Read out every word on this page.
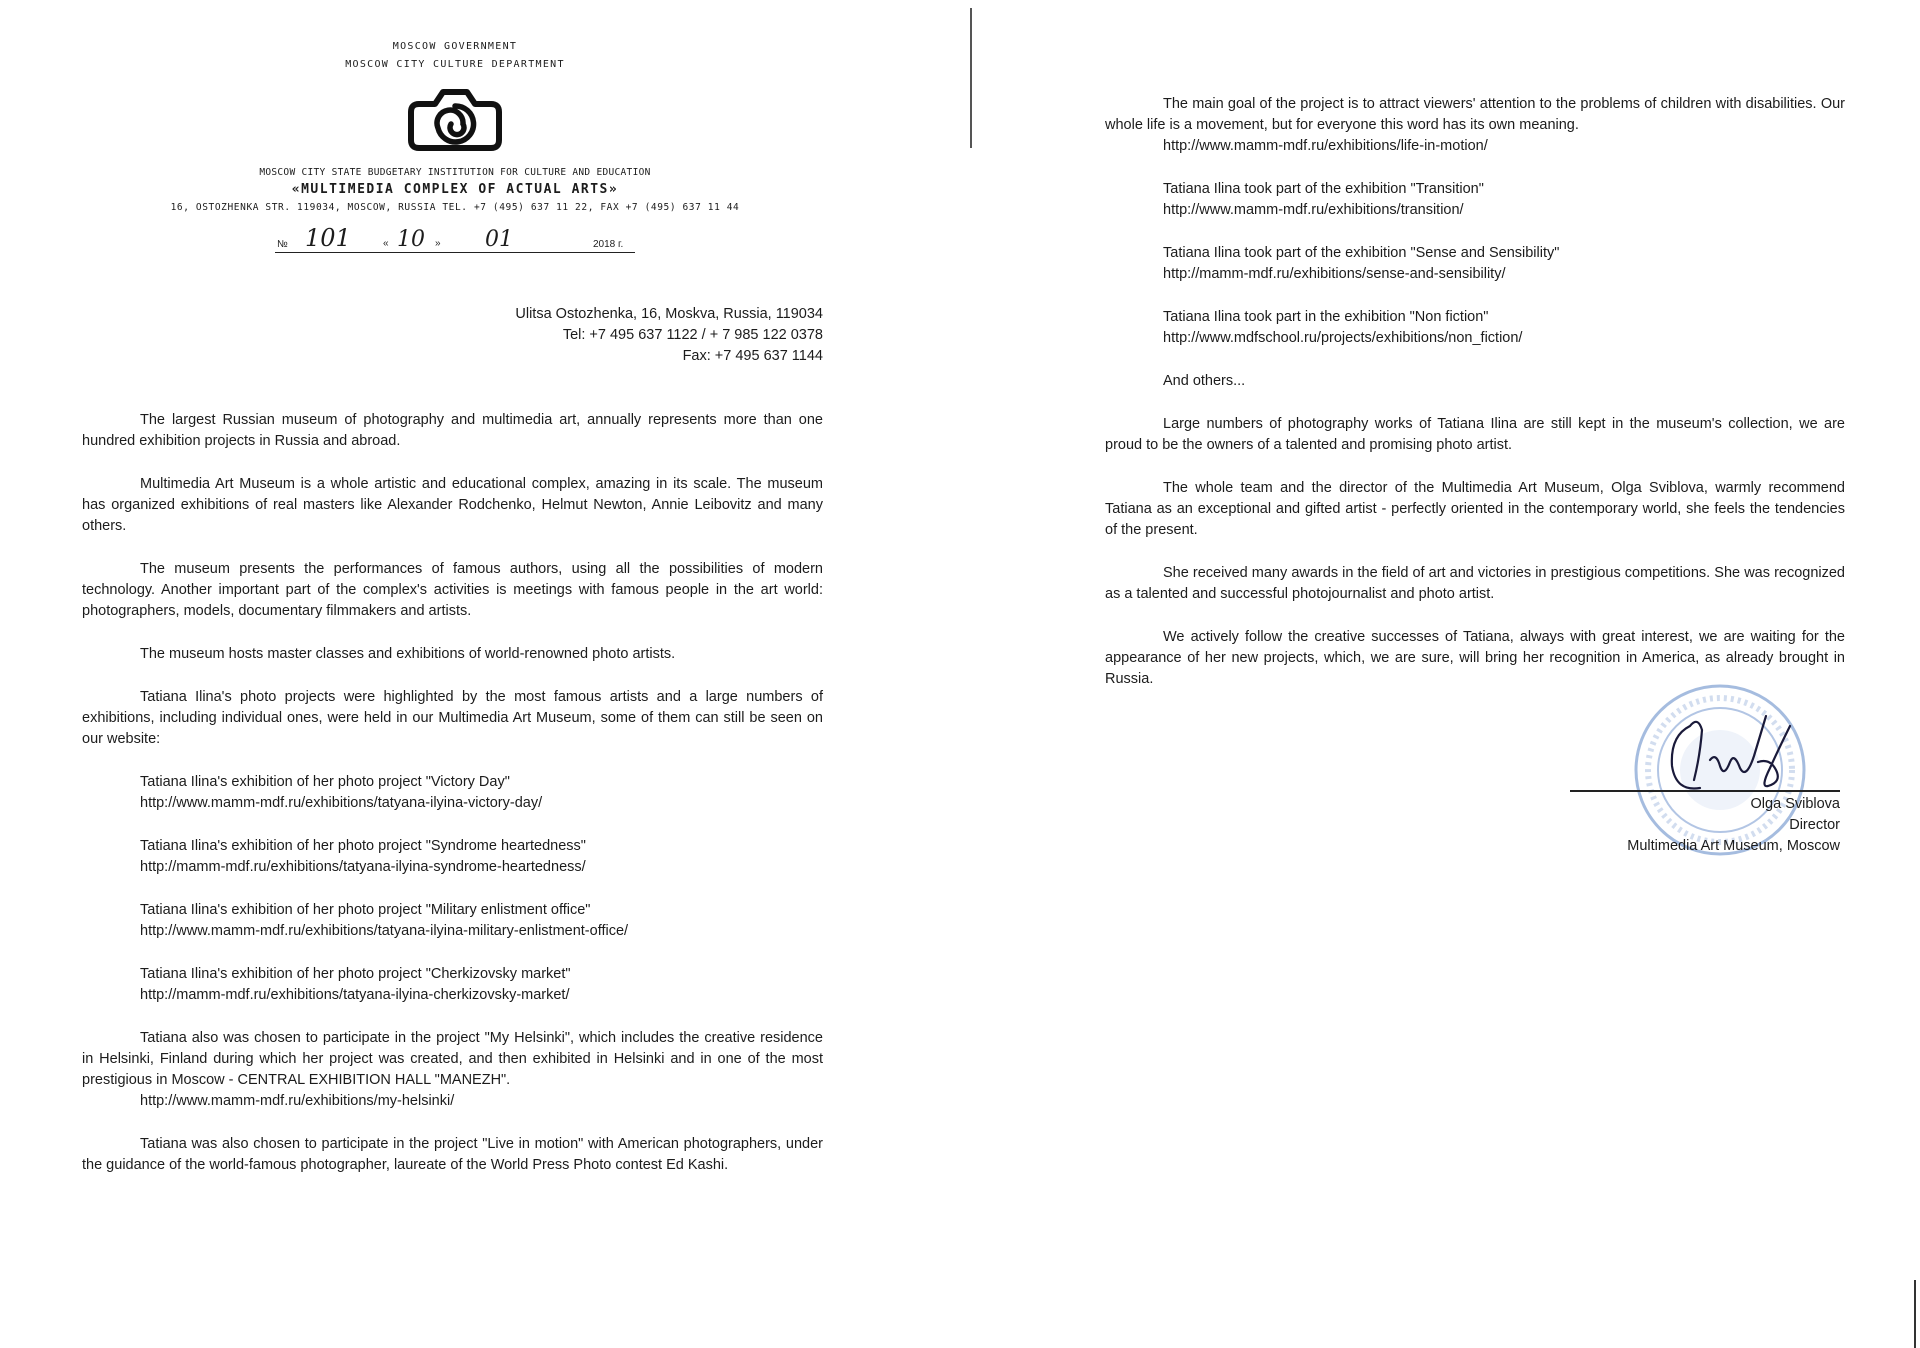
MOSCOW GOVERNMENT
MOSCOW CITY CULTURE DEPARTMENT
MOSCOW CITY STATE BUDGETARY INSTITUTION FOR CULTURE AND EDUCATION
«MULTIMEDIA COMPLEX OF ACTUAL ARTS»
16, OSTOZHENKA STR. 119034, MOSCOW, RUSSIA TEL. +7 (495) 637 11 22, FAX +7 (495) 637 11 44
№ 101	« 10 » 01	2018 г.
Ulitsa Ostozhenka, 16, Moskva, Russia, 119034
Tel: +7 495 637 1122 / + 7 985 122 0378
Fax: +7 495 637 1144

The largest Russian museum of photography and multimedia art, annually represents more than one hundred exhibition projects in Russia and abroad.

Multimedia Art Museum is a whole artistic and educational complex, amazing in its scale. The museum has organized exhibitions of real masters like Alexander Rodchenko, Helmut Newton, Annie Leibovitz and many others.

The museum presents the performances of famous authors, using all the possibilities of modern technology. Another important part of the complex's activities is meetings with famous people in the art world: photographers, models, documentary filmmakers and artists.

The museum hosts master classes and exhibitions of world-renowned photo artists.

Tatiana Ilina's photo projects were highlighted by the most famous artists and a large numbers of exhibitions, including individual ones, were held in our Multimedia Art Museum, some of them can still be seen on our website:

Tatiana Ilina's exhibition of her photo project "Victory Day"
http://www.mamm-mdf.ru/exhibitions/tatyana-ilyina-victory-day/
Tatiana Ilina's exhibition of her photo project "Syndrome heartedness"
http://mamm-mdf.ru/exhibitions/tatyana-ilyina-syndrome-heartedness/
Tatiana Ilina's exhibition of her photo project "Military enlistment office"
http://www.mamm-mdf.ru/exhibitions/tatyana-ilyina-military-enlistment-office/
Tatiana Ilina's exhibition of her photo project "Cherkizovsky market"
http://mamm-mdf.ru/exhibitions/tatyana-ilyina-cherkizovsky-market/

Tatiana also was chosen to participate in the project "My Helsinki", which includes the creative residence in Helsinki, Finland during which her project was created, and then exhibited in Helsinki and in one of the most prestigious in Moscow - CENTRAL EXHIBITION HALL "MANEZH".

http://www.mamm-mdf.ru/exhibitions/my-helsinki/

Tatiana was also chosen to participate in the project "Live in motion" with American photographers, under the guidance of the world-famous photographer, laureate of the World Press Photo contest Ed Kashi.

The main goal of the project is to attract viewers' attention to the problems of children with disabilities. Our whole life is a movement, but for everyone this word has its own meaning.

http://www.mamm-mdf.ru/exhibitions/life-in-motion/
Tatiana Ilina took part of the exhibition "Transition"
http://www.mamm-mdf.ru/exhibitions/transition/
Tatiana Ilina took part of the exhibition "Sense and Sensibility"
http://mamm-mdf.ru/exhibitions/sense-and-sensibility/
Tatiana Ilina took part in the exhibition "Non fiction"
http://www.mdfschool.ru/projects/exhibitions/non_fiction/
And others...

Large numbers of photography works of Tatiana Ilina are still kept in the museum's collection, we are proud to be the owners of a talented and promising photo artist.

The whole team and the director of the Multimedia Art Museum, Olga Sviblova, warmly recommend Tatiana as an exceptional and gifted artist - perfectly oriented in the contemporary world, she feels the tendencies of the present.

She received many awards in the field of art and victories in prestigious competitions. She was recognized as a talented and successful photojournalist and photo artist.

We actively follow the creative successes of Tatiana, always with great interest, we are waiting for the appearance of her new projects, which, we are sure, will bring her recognition in America, as already brought in Russia.

Olga Sviblova
Director
Multimedia Art Museum, Moscow
